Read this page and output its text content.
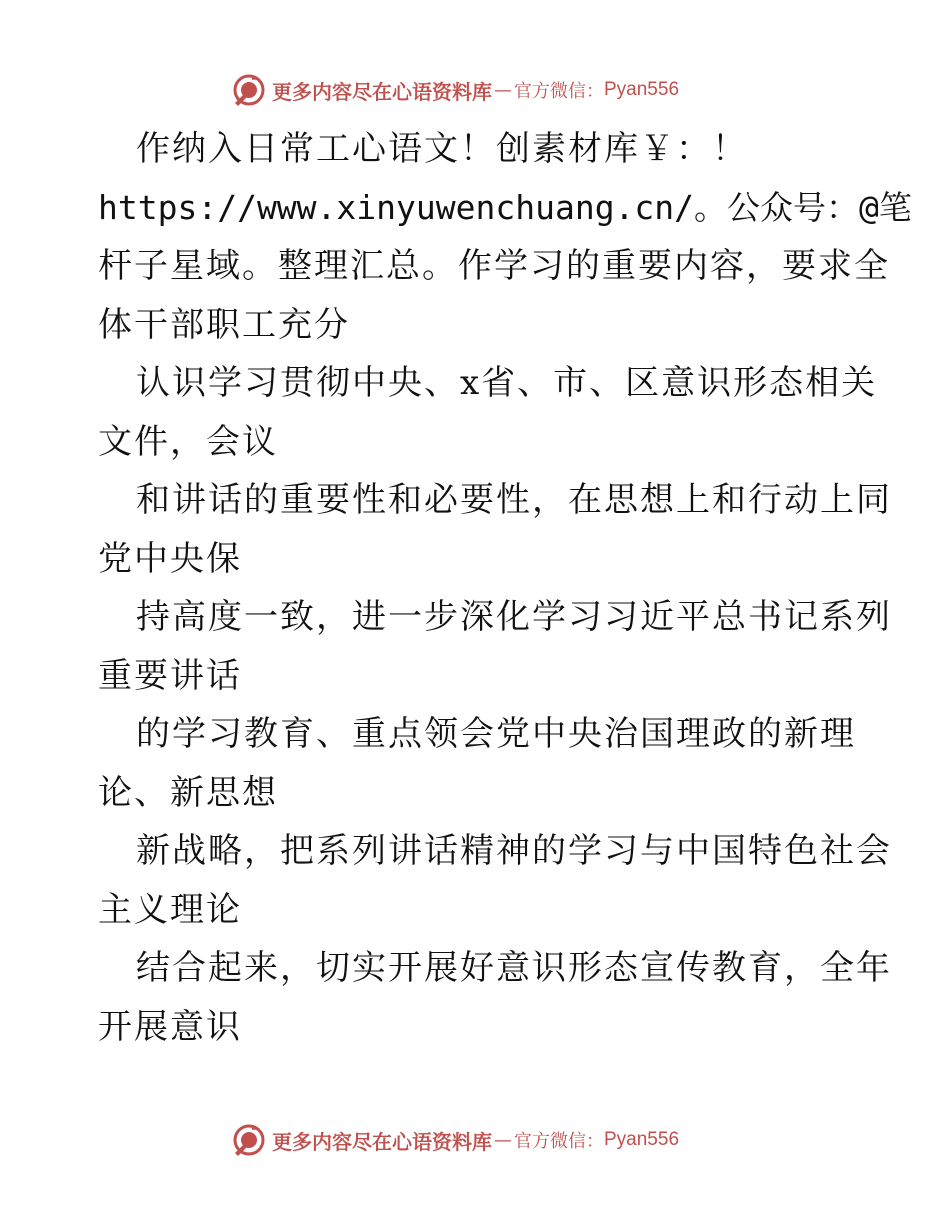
更多内容尽在心语资料库 — 官方微信： Pyan556
作纳入日常工心语文！创素材库￥：！
https://www.xinyuwenchuang.cn/。公众号：@笔
杆子星域。整理汇总。作学习的重要内容，要求全
体干部职工充分
认识学习贯彻中央、x省、市、区意识形态相关
文件，会议
和讲话的重要性和必要性，在思想上和行动上同
党中央保
持高度一致，进一步深化学习习近平总书记系列
重要讲话
的学习教育、重点领会党中央治国理政的新理
论、新思想
新战略，把系列讲话精神的学习与中国特色社会
主义理论
结合起来，切实开展好意识形态宣传教育，全年
开展意识
更多内容尽在心语资料库 — 官方微信： Pyan556
